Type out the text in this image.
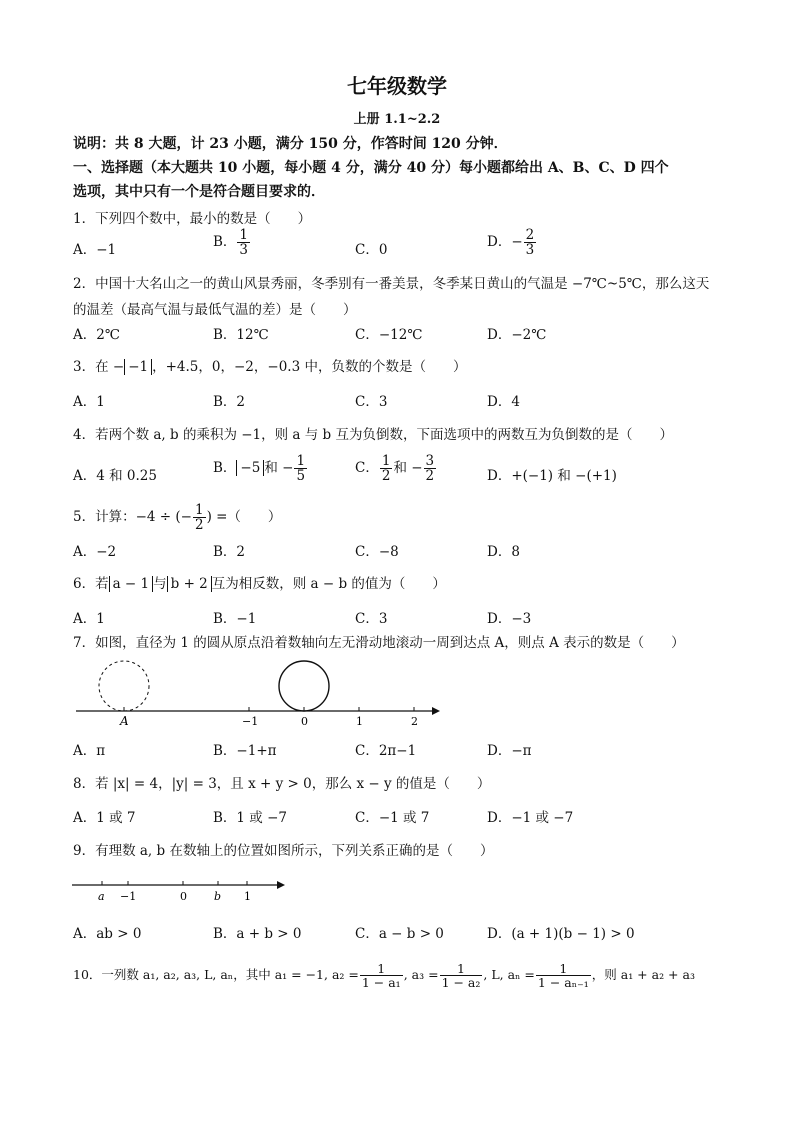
七年级数学
上册 1.1~2.2
说明：共 8 大题，计 23 小题，满分 150 分，作答时间 120 分钟．
一、选择题（本大题共 10 小题，每小题 4 分，满分 40 分）每小题都给出 A、B、C、D 四个
选项，其中只有一个是符合题目要求的．
1．下列四个数中，最小的数是（　　）
A．−1	B． $\frac{1}{3}$	C．0	D．− $\frac{2}{3}$
2．中国十大名山之一的黄山风景秀丽，冬季别有一番美景，冬季某日黄山的气温是 −7℃~5℃，那么这天
的温差（最高气温与最低气温的差）是（　　）
A．2℃	B．12℃	C．−12℃	D．−2℃
3．在 − −1 ，+4.5，0，−2，−0.3 中，负数的个数是（　　）
A．1	B．2	C．3	D．4
4．若两个数 a, b 的乘积为 −1，则 a 与 b 互为负倒数，下面选项中的两数互为负倒数的是（　　）
A．4 和 0.25	B． −5 和 − $\frac{1}{5}$	C． $\frac{1}{2}$ 和 − $\frac{3}{2}$	D．+(−1) 和 −(+1)
5．计算：−4 ÷ (− $\frac{1}{2}$ ) =（　　）
A．−2	B．2	C．−8	D．8
6．若 a − 1 与 b + 2 互为相反数，则 a − b 的值为（　　）
A．1	B．−1	C．3	D．−3
7．如图，直径为 1 的圆从原点沿着数轴向左无滑动地滚动一周到达点 A，则点 A 表示的数是（　　）
A	−1	0	1	2
A．π	B．−1+π	C．2π−1	D．−π
8．若 |x| = 4，|y| = 3，且 x + y > 0，那么 x − y 的值是（　　）
A．1 或 7	B．1 或 −7	C．−1 或 7	D．−1 或 −7
9．有理数 a, b 在数轴上的位置如图所示，下列关系正确的是（　　）
a −1	0 b 1
A．ab > 0	B．a + b > 0	C．a − b > 0	D．(a + 1)(b − 1) > 0
10．一列数 a₁, a₂, a₃, L, aₙ，其中 a₁ = −1, $a_2 = \frac{1}{\text{1 − a₁}}$ , $a_3 = \frac{1}{\text{1 − a₂}}$ , L, $a_n = \frac{1}{\text{1 − aₙ₋₁}}$ ，则 a₁ + a₂ + a₃
